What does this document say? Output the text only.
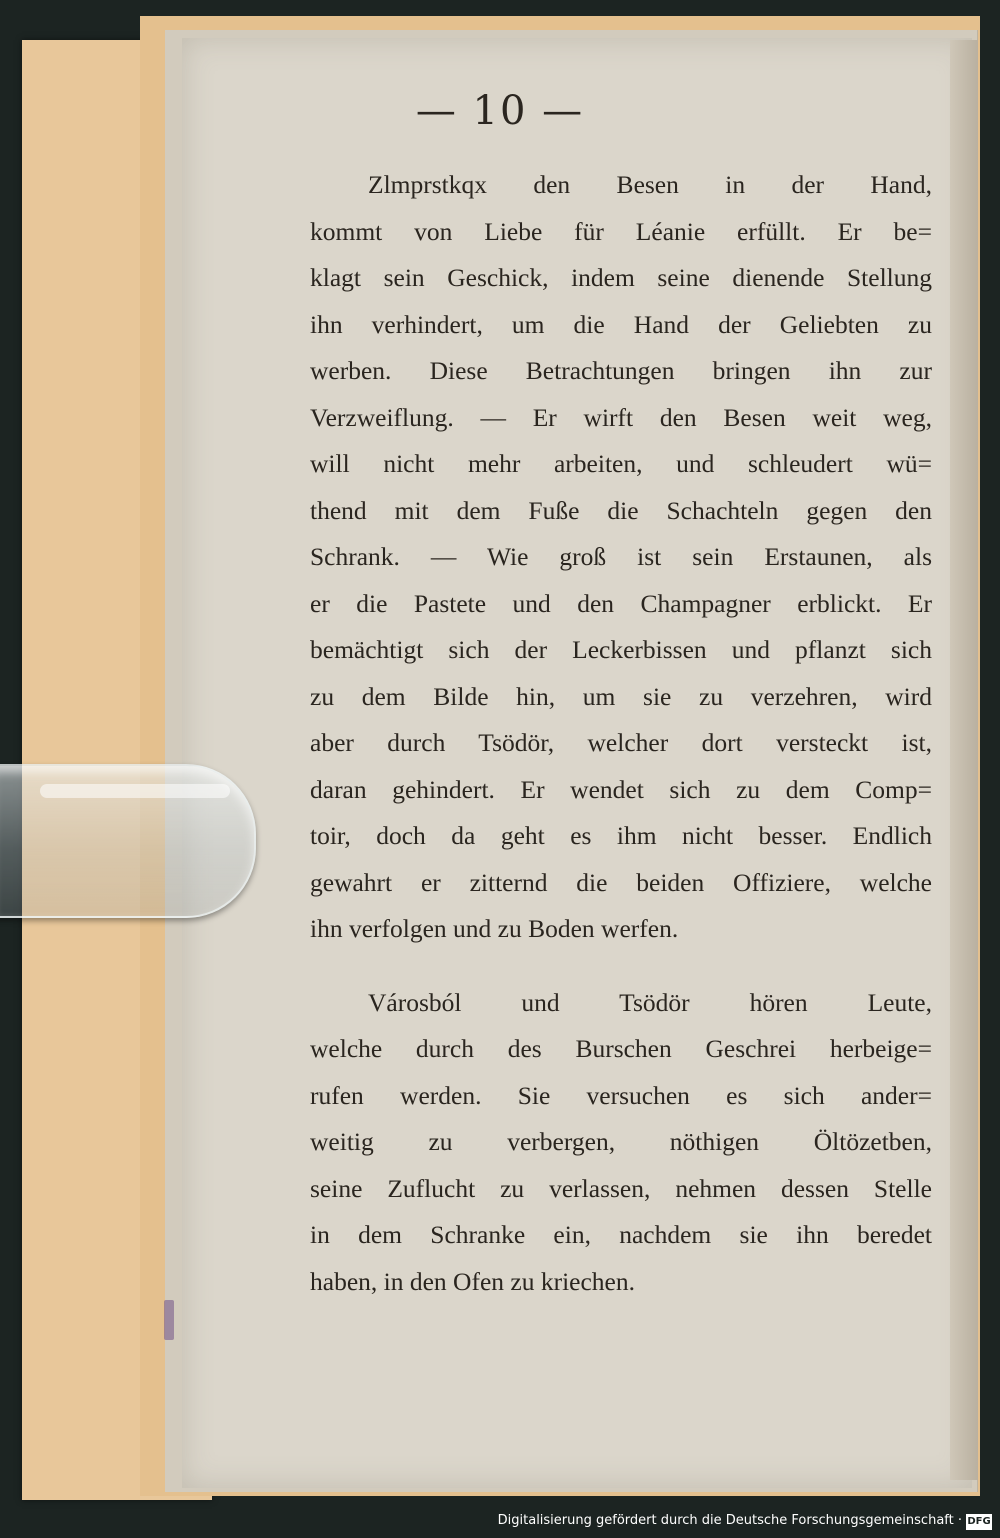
— 10 —
Zlmprstkqx den Besen in der Hand,
kommt von Liebe für Léanie erfüllt. Er be=
klagt sein Geschick, indem seine dienende Stellung
ihn verhindert, um die Hand der Geliebten zu
werben. Diese Betrachtungen bringen ihn zur
Verzweiflung. — Er wirft den Besen weit weg,
will nicht mehr arbeiten, und schleudert wü=
thend mit dem Fuße die Schachteln gegen den
Schrank. — Wie groß ist sein Erstaunen, als
er die Pastete und den Champagner erblickt. Er
bemächtigt sich der Leckerbissen und pflanzt sich
zu dem Bilde hin, um sie zu verzehren, wird
aber durch Tsödör, welcher dort versteckt ist,
daran gehindert. Er wendet sich zu dem Comp=
toir, doch da geht es ihm nicht besser. Endlich
gewahrt er zitternd die beiden Offiziere, welche
ihn verfolgen und zu Boden werfen.
Városból und Tsödör hören Leute,
welche durch des Burschen Geschrei herbeige=
rufen werden. Sie versuchen es sich ander=
weitig zu verbergen, nöthigen Öltözetben,
seine Zuflucht zu verlassen, nehmen dessen Stelle
in dem Schranke ein, nachdem sie ihn beredet
haben, in den Ofen zu kriechen.
Digitalisierung gefördert durch die Deutsche Forschungsgemeinschaft · DFG
